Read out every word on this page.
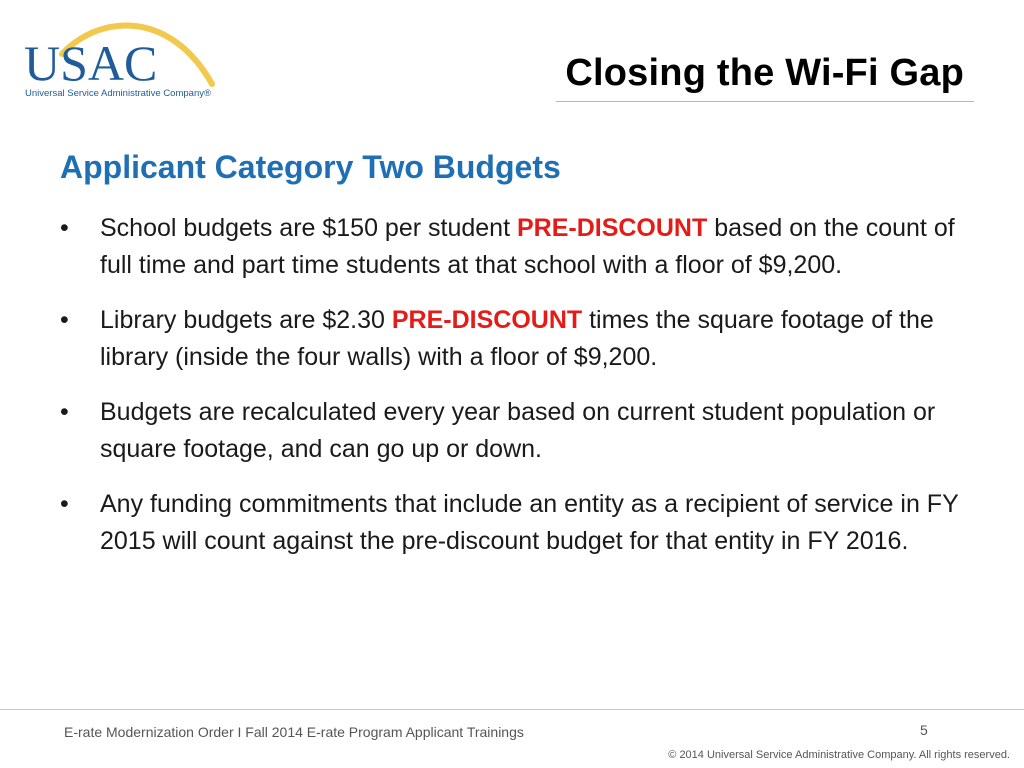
USAC
Universal Service Administrative Company®	Closing the Wi-Fi Gap
Applicant Category Two Budgets
•	School budgets are $150 per student PRE-DISCOUNT based on the count of full time and part time students at that school with a floor of $9,200.
•	Library budgets are $2.30 PRE-DISCOUNT times the square footage of the library (inside the four walls) with a floor of $9,200.
•	Budgets are recalculated every year based on current student population or square footage, and can go up or down.
•	Any funding commitments that include an entity as a recipient of service in FY 2015 will count against the pre-discount budget for that entity in FY 2016.
E-rate Modernization Order I Fall 2014 E-rate Program Applicant Trainings	5
© 2014 Universal Service Administrative Company. All rights reserved.
